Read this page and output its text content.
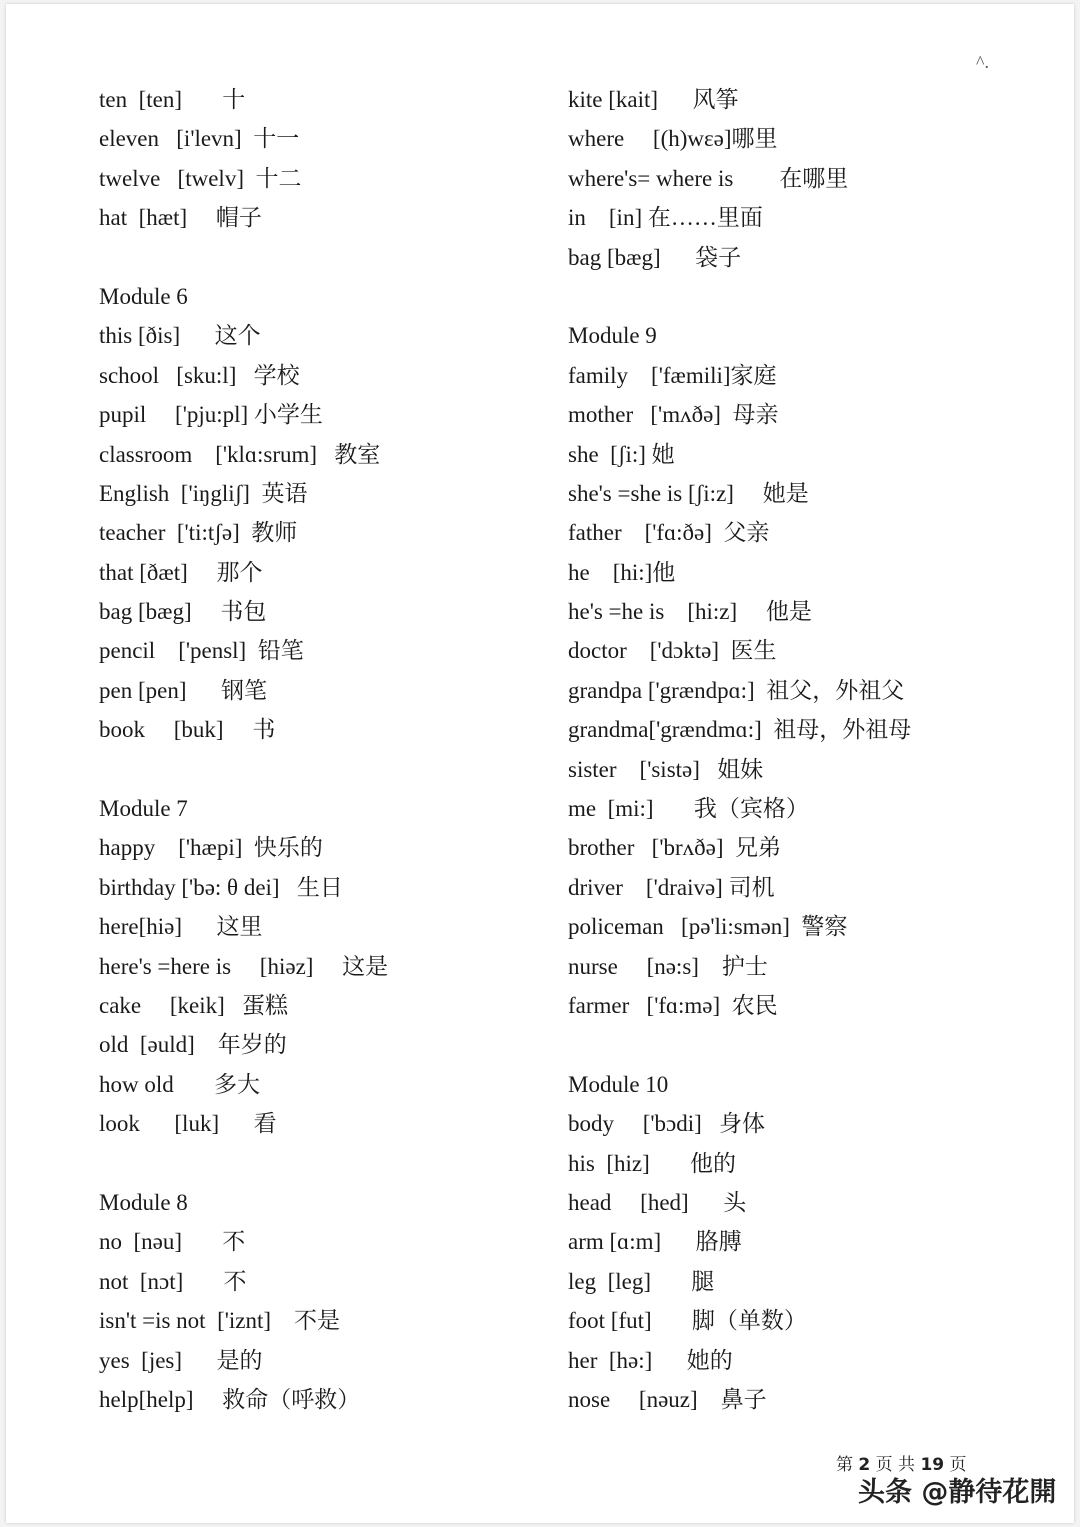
^.
ten  [ten]       十
eleven   [i'levn]  十一
twelve   [twelv]  十二
hat  [hæt]     帽子
Module 6
this [ðis]      这个
school   [sku:l]   学校
pupil     ['pju:pl] 小学生
classroom    ['klɑ:srum]   教室
English  ['iŋgliʃ]  英语
teacher  ['ti:tʃə]  教师
that [ðæt]     那个
bag [bæg]     书包
pencil    ['pensl]  铅笔
pen [pen]      钢笔
book     [buk]     书
Module 7
happy    ['hæpi]  快乐的
birthday ['bə: θ dei]   生日
here[hiə]      这里
here's =here is     [hiəz]     这是
cake     [keik]   蛋糕
old  [əuld]    年岁的
how old       多大
look      [luk]      看
Module 8
no  [nəu]       不
not  [nɔt]       不
isn't =is not  ['iznt]    不是
yes  [jes]      是的
help[help]     救命（呼救）
kite [kait]      风筝
where     [(h)wεə]哪里
where's= where is        在哪里
in    [in] 在……里面
bag [bæg]      袋子
Module 9
family    ['fæmili]家庭
mother   ['mʌðə]  母亲
she  [ʃi:] 她
she's =she is [ʃi:z]     她是
father    ['fɑ:ðə]  父亲
he    [hi:]他
he's =he is    [hi:z]     他是
doctor    ['dɔktə]  医生
grandpa ['grændpɑ:]  祖父，外祖父
grandma['grændmɑ:]  祖母，外祖母
sister    ['sistə]   姐妹
me  [mi:]       我（宾格）
brother   ['brʌðə]  兄弟
driver    ['draivə] 司机
policeman   [pə'li:smən]  警察
nurse     [nə:s]    护士
farmer   ['fɑ:mə]  农民
Module 10
body     ['bɔdi]   身体
his  [hiz]       他的
head     [hed]      头
arm [ɑ:m]      胳膊
leg  [leg]       腿
foot [fut]       脚（单数）
her  [hə:]      她的
nose     [nəuz]    鼻子
第 2 页 共 19 页
头条 @静待花開
